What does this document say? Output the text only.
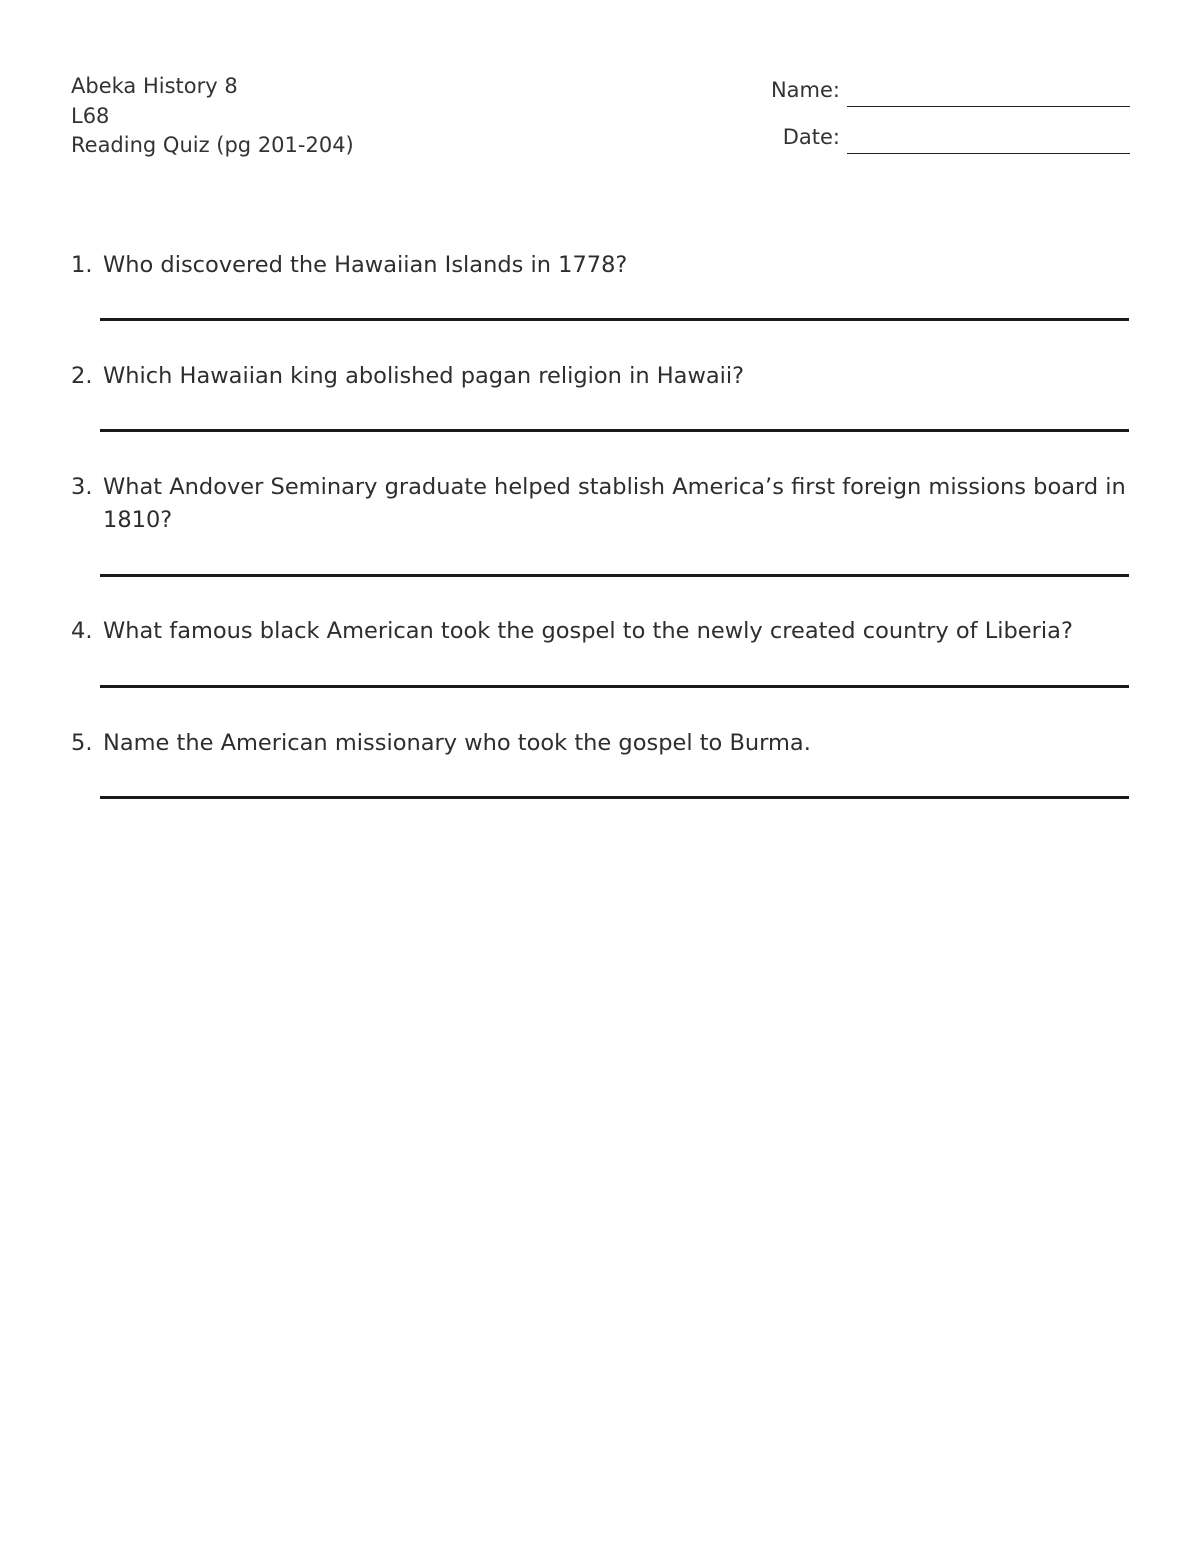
Abeka History 8
L68
Reading Quiz (pg 201-204)
Name:
Date:
1. Who discovered the Hawaiian Islands in 1778?
2. Which Hawaiian king abolished pagan religion in Hawaii?
3. What Andover Seminary graduate helped stablish America’s first foreign missions board in 1810?
4. What famous black American took the gospel to the newly created country of Liberia?
5. Name the American missionary who took the gospel to Burma.
